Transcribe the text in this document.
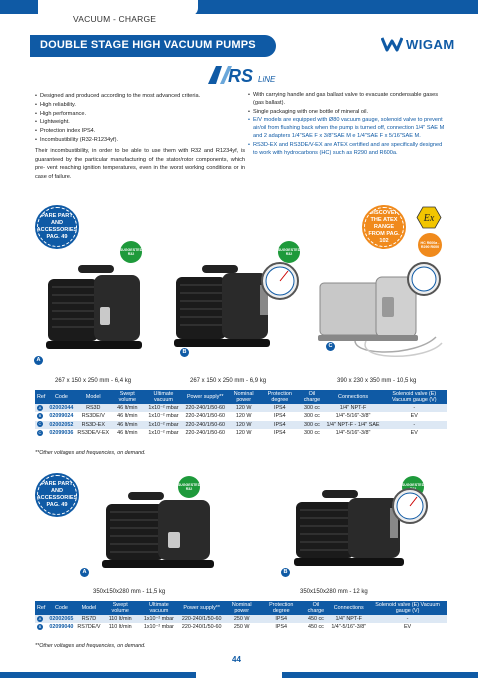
VACUUM - CHARGE
DOUBLE STAGE HIGH VACUUM PUMPS	WIGAM
RS LiNE
• Designed and produced according to the most advanced criteria.
• High reliability.
• High performance.
• Lightweight.
• Protection index IPS4.
• Incombustibility (R32-R1234yf).

Their incombustibility, in order to be able to use them with R32 and R1234yf, is guaranteed by the particular manufacturing of the stator/rotor components, which pre- vent reaching ignition temperatures, even in the worst working conditions or in case of failure.

• With carrying handle and gas ballast valve to evacuate condensable gases (gas ballast).
• Single packaging with one bottle of mineral oil.
• E/V models are equipped with Ø80 vacuum gauge, solenoid valve to prevent air/oil from flushing back when the pump is turned off, connection 1/4" SAE M and 2 adapters 1/4"SAE F x 3/8"SAE M e 1/4"SAE F x 5/16"SAE M.
• RS3D-EX and RS3DE/V-EX are ATEX certified and are specifically designed to work with hydrocarbons (HC) such as R290 and R600a.
SPARE PARTS AND ACCESSORIES PAG. 49
DISCOVER THE ATEX RANGE FROM PAG. 102
Ex
HC R600a - R290 R600
SUGGESTED R32
SUGGESTED R32
A
B
C
267 x 150 x 250 mm - 6,4 kg	267 x 150 x 250 mm - 6,9 kg	390 x 230 x 350 mm - 10,5 kg
Ref	Code	Model	Swept volume	Ultimate vacuum	Power supply**	Nominal power	Protection degree	Oil charge	Connections	Solenoid valve (E) Vacuum gauge (V)
A	02002044	RS3D	46 lt/min	1x10⁻² mbar	220-240/1/50-60	120 W	IPS4	300 cc	1/4" NPT-F	-
B	02099024	RS3DE/V	46 lt/min	1x10⁻² mbar	220-240/1/50-60	120 W	IPS4	300 cc	1/4"-5/16"-3/8"	EV
C	02002052	RS3D-EX	46 lt/min	1x10⁻² mbar	220-240/1/50-60	120 W	IPS4	300 cc	1/4" NPT-F - 1/4" SAE	-
C	02099036	RS3DE/V-EX	46 lt/min	1x10⁻² mbar	220-240/1/50-60	120 W	IPS4	300 cc	1/4"-5/16"-3/8"	EV
**Other voltages and frequencies, on demand.
SPARE PARTS AND ACCESSORIES PAG. 49
SUGGESTED R32
SUGGESTED
A	B
350x150x280 mm - 11,5 kg	350x150x280 mm - 12 kg
Ref	Code	Model	Swept volume	Ultimate vacuum	Power supply**	Nominal power	Protection degree	Oil charge	Connections	Solenoid valve (E) Vacuum gauge (V)
A	02002065	RS7D	110 lt/min	1x10⁻² mbar	220-240/1/50-60	250 W	IPS4	450 cc	1/4" NPT-F	-
B	02099040	RS7DE/V	110 lt/min	1x10⁻² mbar	220-240/1/50-60	250 W	IPS4	450 cc	1/4"-5/16"-3/8"	EV
**Other voltages and frequencies, on demand.
44
